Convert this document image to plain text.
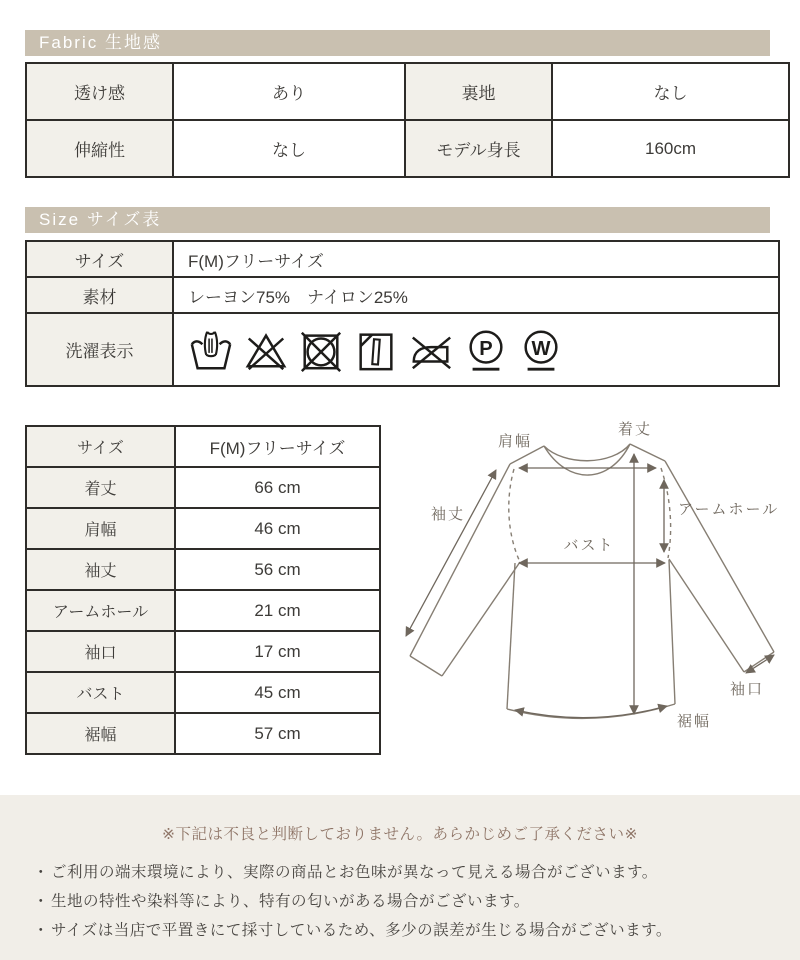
Fabric 生地感
透け感	あり	裏地	なし
伸縮性	なし	モデル身長	160cm
Size サイズ表
サイズ	F(M)フリーサイズ
素材	レーヨン75%　ナイロン25%
洗濯表示	P W
サイズ	F(M)フリーサイズ
着丈	66 cm
肩幅	46 cm
袖丈	56 cm
アームホール	21 cm
袖口	17 cm
バスト	45 cm
裾幅	57 cm
着丈
肩幅
袖丈	アームホール
バスト
袖口
裾幅
※下記は不良と判断しておりません。あらかじめご了承ください※
・ ご利用の端末環境により、実際の商品とお色味が異なって見える場合がございます。
・ 生地の特性や染料等により、特有の匂いがある場合がございます。
・ サイズは当店で平置きにて採寸しているため、多少の誤差が生じる場合がございます。
